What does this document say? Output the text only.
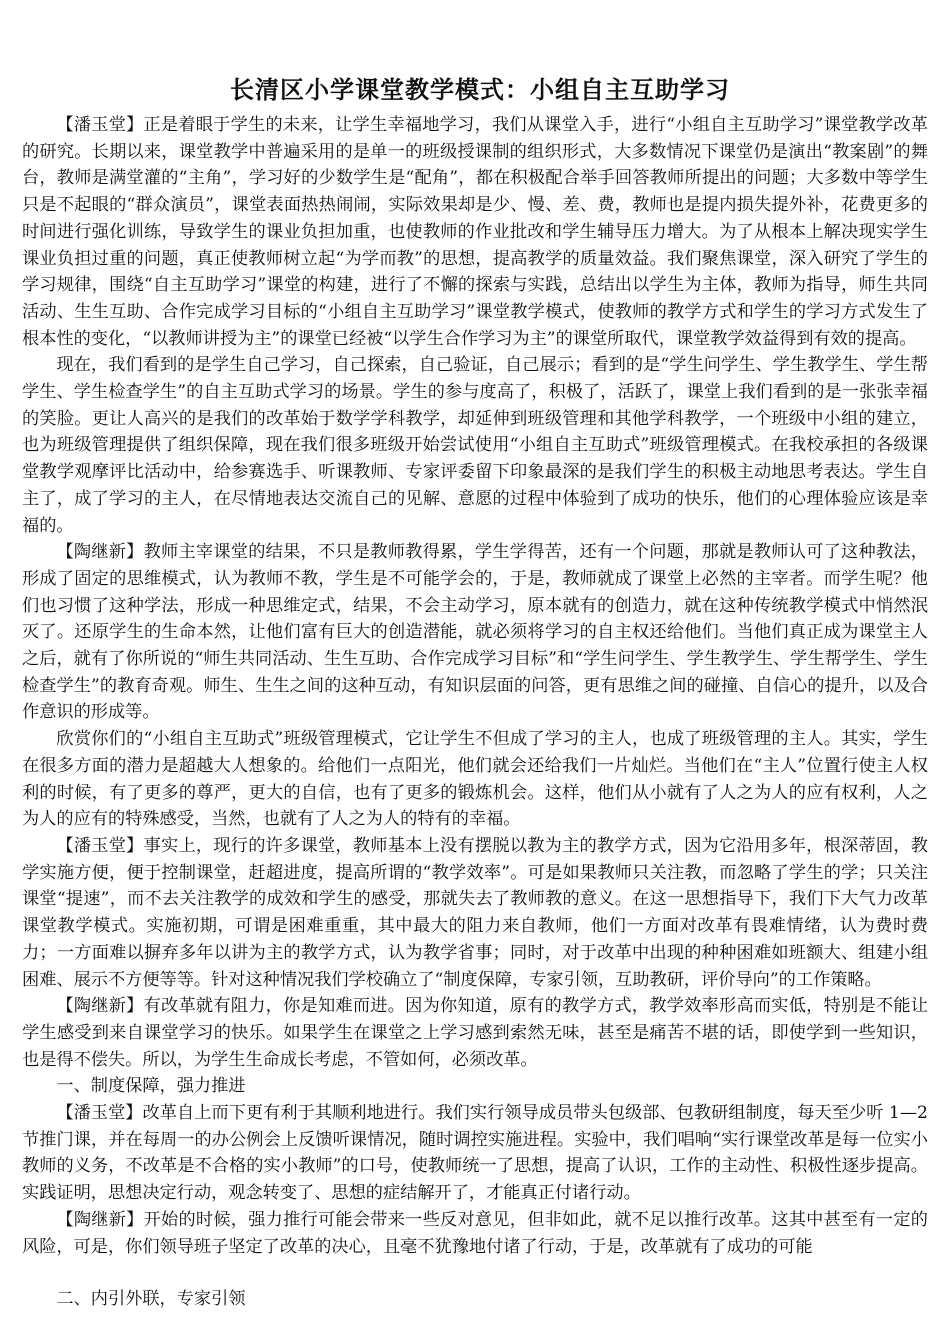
长清区小学课堂教学模式：小组自主互助学习

【潘玉堂】正是着眼于学生的未来，让学生幸福地学习，我们从课堂入手，进行“小组自主互助学习”课堂教学改革的研究。长期以来，课堂教学中普遍采用的是单一的班级授课制的组织形式，大多数情况下课堂仍是演出“教案剧”的舞台，教师是满堂灌的“主角”，学习好的少数学生是“配角”，都在积极配合举手回答教师所提出的问题；大多数中等学生只是不起眼的“群众演员”，课堂表面热热闹闹，实际效果却是少、慢、差、费，教师也是提内损失提外补，花费更多的时间进行强化训练，导致学生的课业负担加重，也使教师的作业批改和学生辅导压力增大。为了从根本上解决现实学生课业负担过重的问题，真正使教师树立起“为学而教”的思想，提高教学的质量效益。我们聚焦课堂，深入研究了学生的学习规律，围绕“自主互助学习”课堂的构建，进行了不懈的探索与实践，总结出以学生为主体，教师为指导，师生共同活动、生生互助、合作完成学习目标的“小组自主互助学习”课堂教学模式，使教师的教学方式和学生的学习方式发生了根本性的变化，“以教师讲授为主”的课堂已经被“以学生合作学习为主”的课堂所取代，课堂教学效益得到有效的提高。

现在，我们看到的是学生自己学习，自己探索，自己验证，自己展示；看到的是“学生问学生、学生教学生、学生帮学生、学生检查学生”的自主互助式学习的场景。学生的参与度高了，积极了，活跃了，课堂上我们看到的是一张张幸福的笑脸。更让人高兴的是我们的改革始于数学学科教学，却延伸到班级管理和其他学科教学，一个班级中小组的建立，也为班级管理提供了组织保障，现在我们很多班级开始尝试使用“小组自主互助式”班级管理模式。在我校承担的各级课堂教学观摩评比活动中，给参赛选手、听课教师、专家评委留下印象最深的是我们学生的积极主动地思考表达。学生自主了，成了学习的主人，在尽情地表达交流自己的见解、意愿的过程中体验到了成功的快乐，他们的心理体验应该是幸福的。

【陶继新】教师主宰课堂的结果，不只是教师教得累，学生学得苦，还有一个问题，那就是教师认可了这种教法，形成了固定的思维模式，认为教师不教，学生是不可能学会的，于是，教师就成了课堂上必然的主宰者。而学生呢？他们也习惯了这种学法，形成一种思维定式，结果，不会主动学习，原本就有的创造力，就在这种传统教学模式中悄然泯灭了。还原学生的生命本然，让他们富有巨大的创造潜能，就必须将学习的自主权还给他们。当他们真正成为课堂主人之后，就有了你所说的“师生共同活动、生生互助、合作完成学习目标”和“学生问学生、学生教学生、学生帮学生、学生检查学生”的教育奇观。师生、生生之间的这种互动，有知识层面的问答，更有思维之间的碰撞、自信心的提升，以及合作意识的形成等。

欣赏你们的“小组自主互助式”班级管理模式，它让学生不但成了学习的主人，也成了班级管理的主人。其实，学生在很多方面的潜力是超越大人想象的。给他们一点阳光，他们就会还给我们一片灿烂。当他们在“主人”位置行使主人权利的时候，有了更多的尊严，更大的自信，也有了更多的锻炼机会。这样，他们从小就有了人之为人的应有权利，人之为人的应有的特殊感受，当然，也就有了人之为人的特有的幸福。

【潘玉堂】事实上，现行的许多课堂，教师基本上没有摆脱以教为主的教学方式，因为它沿用多年，根深蒂固，教学实施方便，便于控制课堂，赶超进度，提高所谓的“教学效率”。可是如果教师只关注教，而忽略了学生的学；只关注课堂“提速”，而不去关注教学的成效和学生的感受，那就失去了教师教的意义。在这一思想指导下，我们下大气力改革课堂教学模式。实施初期，可谓是困难重重，其中最大的阻力来自教师，他们一方面对改革有畏难情绪，认为费时费力；一方面难以摒弃多年以讲为主的教学方式，认为教学省事；同时，对于改革中出现的种种困难如班额大、组建小组困难、展示不方便等等。针对这种情况我们学校确立了“制度保障，专家引领，互助教研，评价导向”的工作策略。

【陶继新】有改革就有阻力，你是知难而进。因为你知道，原有的教学方式，教学效率形高而实低，特别是不能让学生感受到来自课堂学习的快乐。如果学生在课堂之上学习感到索然无味，甚至是痛苦不堪的话，即使学到一些知识，也是得不偿失。所以，为学生生命成长考虑，不管如何，必须改革。

一、制度保障，强力推进

【潘玉堂】改革自上而下更有利于其顺利地进行。我们实行领导成员带头包级部、包教研组制度，每天至少听 1—2 节推门课，并在每周一的办公例会上反馈听课情况，随时调控实施进程。实验中，我们唱响“实行课堂改革是每一位实小教师的义务，不改革是不合格的实小教师”的口号，使教师统一了思想，提高了认识，工作的主动性、积极性逐步提高。实践证明，思想决定行动，观念转变了、思想的症结解开了，才能真正付诸行动。

【陶继新】开始的时候，强力推行可能会带来一些反对意见，但非如此，就不足以推行改革。这其中甚至有一定的风险，可是，你们领导班子坚定了改革的决心，且毫不犹豫地付诸了行动，于是，改革就有了成功的可能

二、内引外联，专家引领
